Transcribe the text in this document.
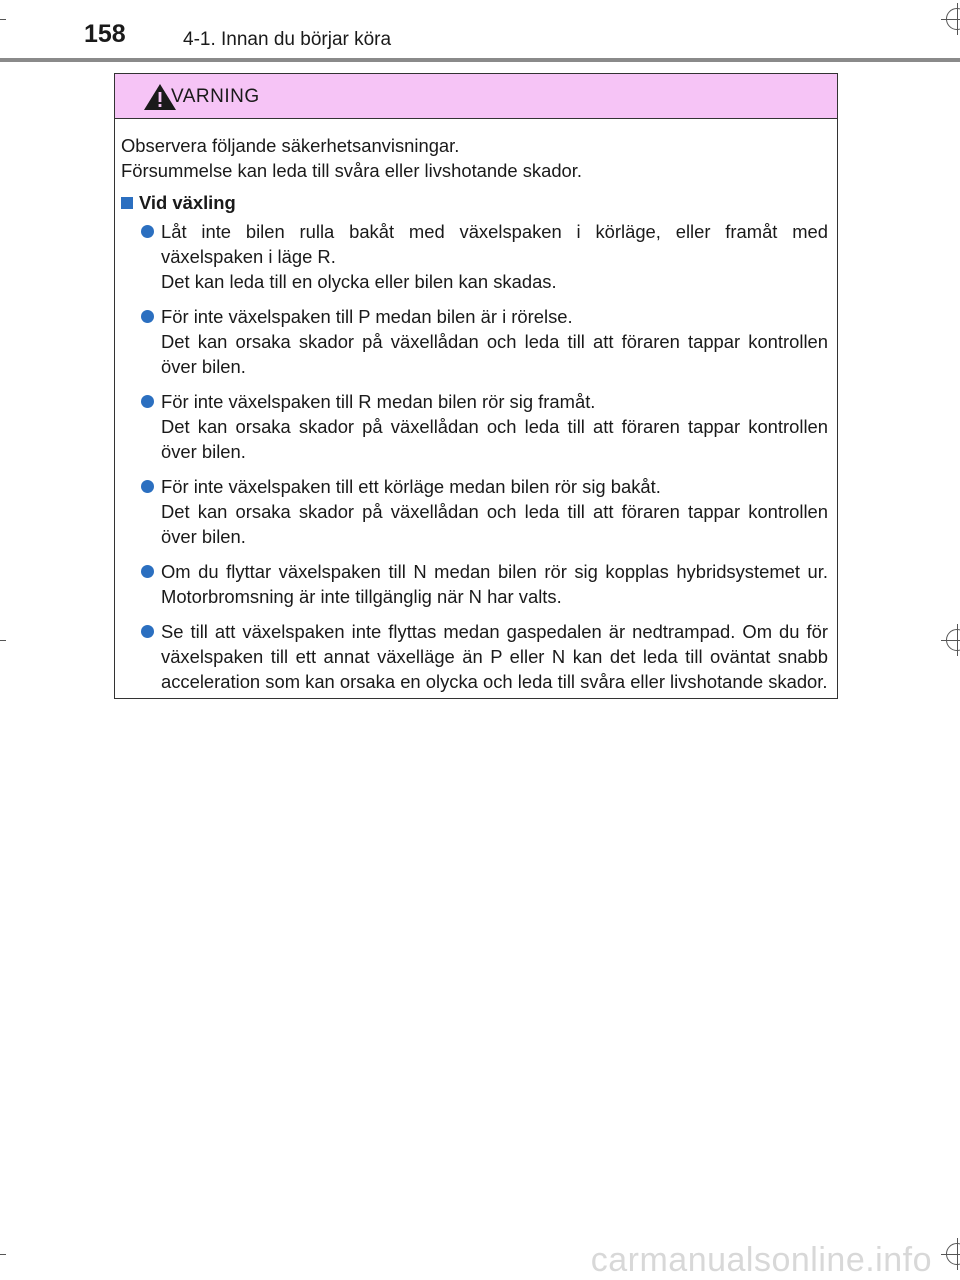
158	4-1. Innan du börjar köra
VARNING

Observera följande säkerhetsanvisningar.

Försummelse kan leda till svåra eller livshotande skador.

Vid växling

Låt inte bilen rulla bakåt med växelspaken i körläge, eller framåt med växelspaken i läge R.

Det kan leda till en olycka eller bilen kan skadas.

För inte växelspaken till P medan bilen är i rörelse.

Det kan orsaka skador på växellådan och leda till att föraren tappar kontrollen över bilen.

För inte växelspaken till R medan bilen rör sig framåt.

Det kan orsaka skador på växellådan och leda till att föraren tappar kontrollen över bilen.

För inte växelspaken till ett körläge medan bilen rör sig bakåt.

Det kan orsaka skador på växellådan och leda till att föraren tappar kontrollen över bilen.

Om du flyttar växelspaken till N medan bilen rör sig kopplas hybridsystemet ur. Motorbromsning är inte tillgänglig när N har valts.

Se till att växelspaken inte flyttas medan gaspedalen är nedtrampad. Om du för växelspaken till ett annat växelläge än P eller N kan det leda till oväntat snabb acceleration som kan orsaka en olycka och leda till svåra eller livshotande skador.

carmanualsonline.info
